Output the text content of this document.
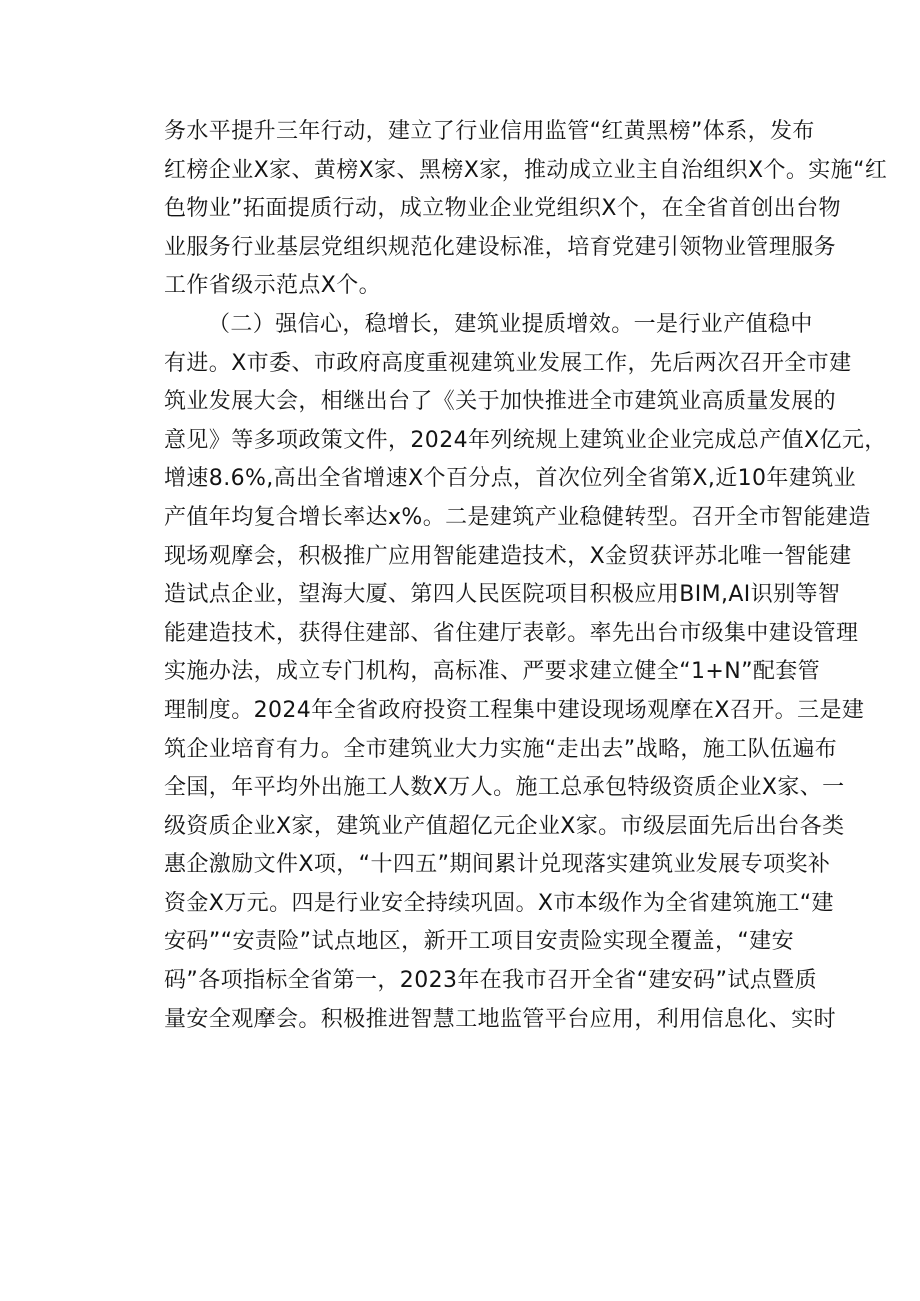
务水平提升三年行动，建立了行业信用监管“红黄黑榜”体系，发布
红榜企业X家、黄榜X家、黑榜X家，推动成立业主自治组织X个。实施“红
色物业”拓面提质行动，成立物业企业党组织X个，在全省首创出台物
业服务行业基层党组织规范化建设标准，培育党建引领物业管理服务
工作省级示范点X个。
（二）强信心，稳增长，建筑业提质增效。一是行业产值稳中
有进。X市委、市政府高度重视建筑业发展工作，先后两次召开全市建
筑业发展大会，相继出台了《关于加快推进全市建筑业高质量发展的
意见》等多项政策文件，2024年列统规上建筑业企业完成总产值X亿元，
增速8.6%,高出全省增速X个百分点，首次位列全省第X,近10年建筑业
产值年均复合增长率达x%。二是建筑产业稳健转型。召开全市智能建造
现场观摩会，积极推广应用智能建造技术，X金贸获评苏北唯一智能建
造试点企业，望海大厦、第四人民医院项目积极应用BIM,AI识别等智
能建造技术，获得住建部、省住建厅表彰。率先出台市级集中建设管理
实施办法，成立专门机构，高标准、严要求建立健全“1+N”配套管
理制度。2024年全省政府投资工程集中建设现场观摩在X召开。三是建
筑企业培育有力。全市建筑业大力实施“走出去”战略，施工队伍遍布
全国，年平均外出施工人数X万人。施工总承包特级资质企业X家、一
级资质企业X家，建筑业产值超亿元企业X家。市级层面先后出台各类
惠企激励文件X项，“十四五”期间累计兑现落实建筑业发展专项奖补
资金X万元。四是行业安全持续巩固。X市本级作为全省建筑施工“建
安码”“安责险”试点地区，新开工项目安责险实现全覆盖，“建安
码”各项指标全省第一，2023年在我市召开全省“建安码”试点暨质
量安全观摩会。积极推进智慧工地监管平台应用，利用信息化、实时
